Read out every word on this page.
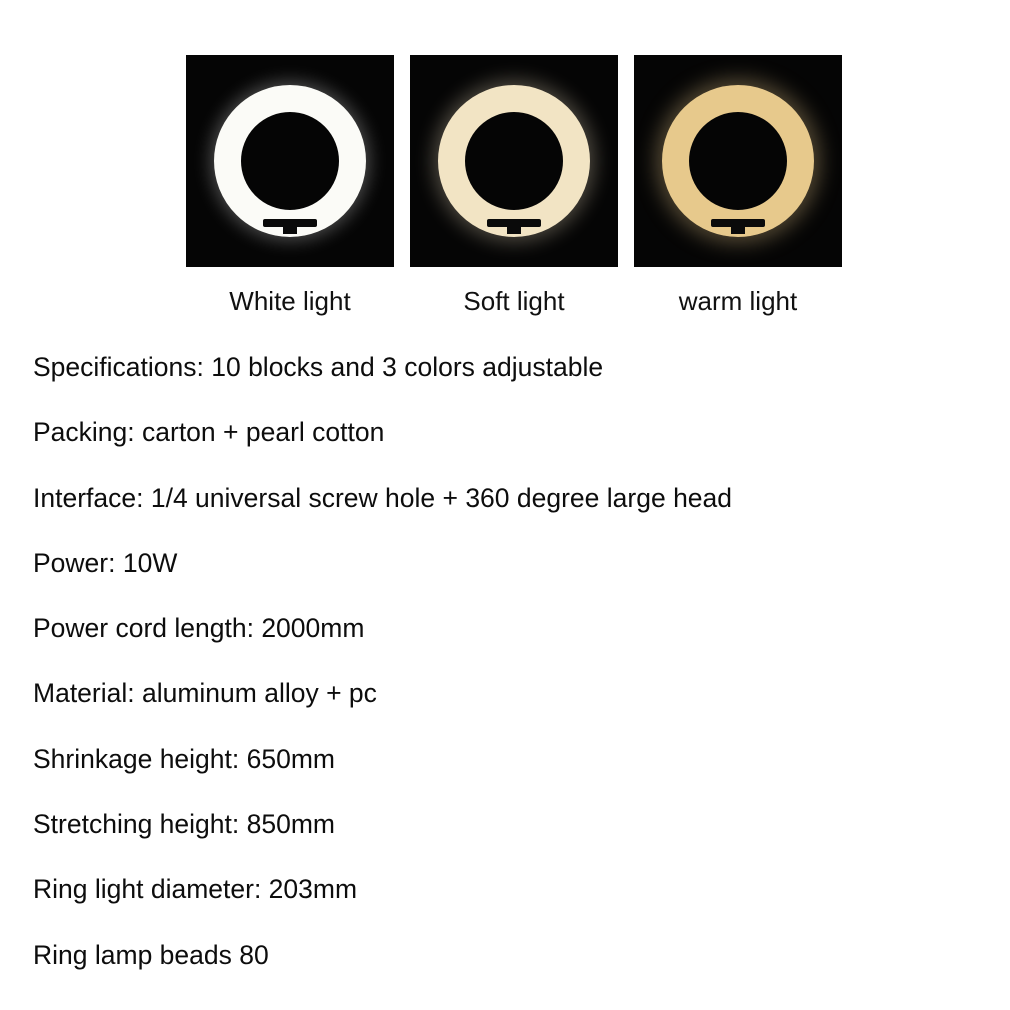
White light	Soft light	warm light
Specifications: 10 blocks and 3 colors adjustable
Packing: carton + pearl cotton
Interface: 1/4 universal screw hole + 360 degree large head
Power: 10W
Power cord length: 2000mm
Material: aluminum alloy + pc
Shrinkage height: 650mm
Stretching height: 850mm
Ring light diameter: 203mm
Ring lamp beads 80
